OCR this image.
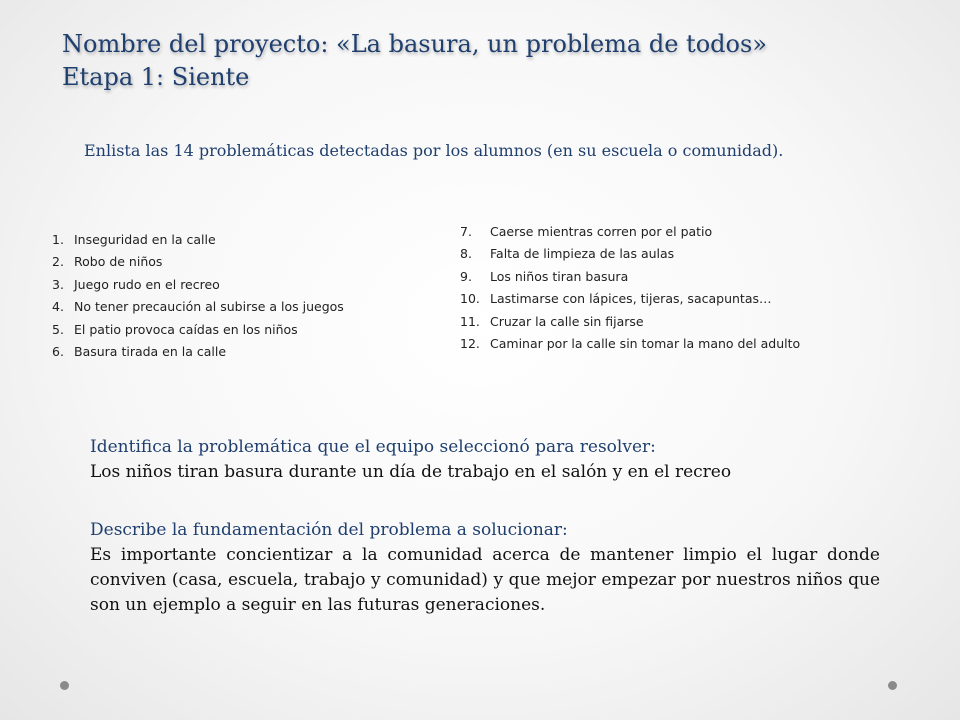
Nombre del proyecto: «La basura, un problema de todos»
Etapa 1: Siente
Enlista las 14 problemáticas detectadas por los alumnos (en su escuela o comunidad).
1. Inseguridad en la calle
2. Robo de niños
3. Juego rudo en el recreo
4. No tener precaución al subirse a los juegos
5. El patio provoca caídas en los niños
6. Basura tirada en la calle
7. Caerse mientras corren por el patio
8. Falta de limpieza de las aulas
9. Los niños tiran basura
10. Lastimarse con lápices, tijeras, sacapuntas…
11. Cruzar la calle sin fijarse
12. Caminar por la calle sin tomar la mano del adulto
Identifica la problemática que el equipo seleccionó para resolver:
Los niños tiran basura durante un día de trabajo en el salón y en el recreo
Describe la fundamentación del problema a solucionar:
Es importante concientizar a la comunidad acerca de mantener limpio el lugar donde conviven (casa, escuela, trabajo y comunidad) y que mejor empezar por nuestros niños que son un ejemplo a seguir en las futuras generaciones.
